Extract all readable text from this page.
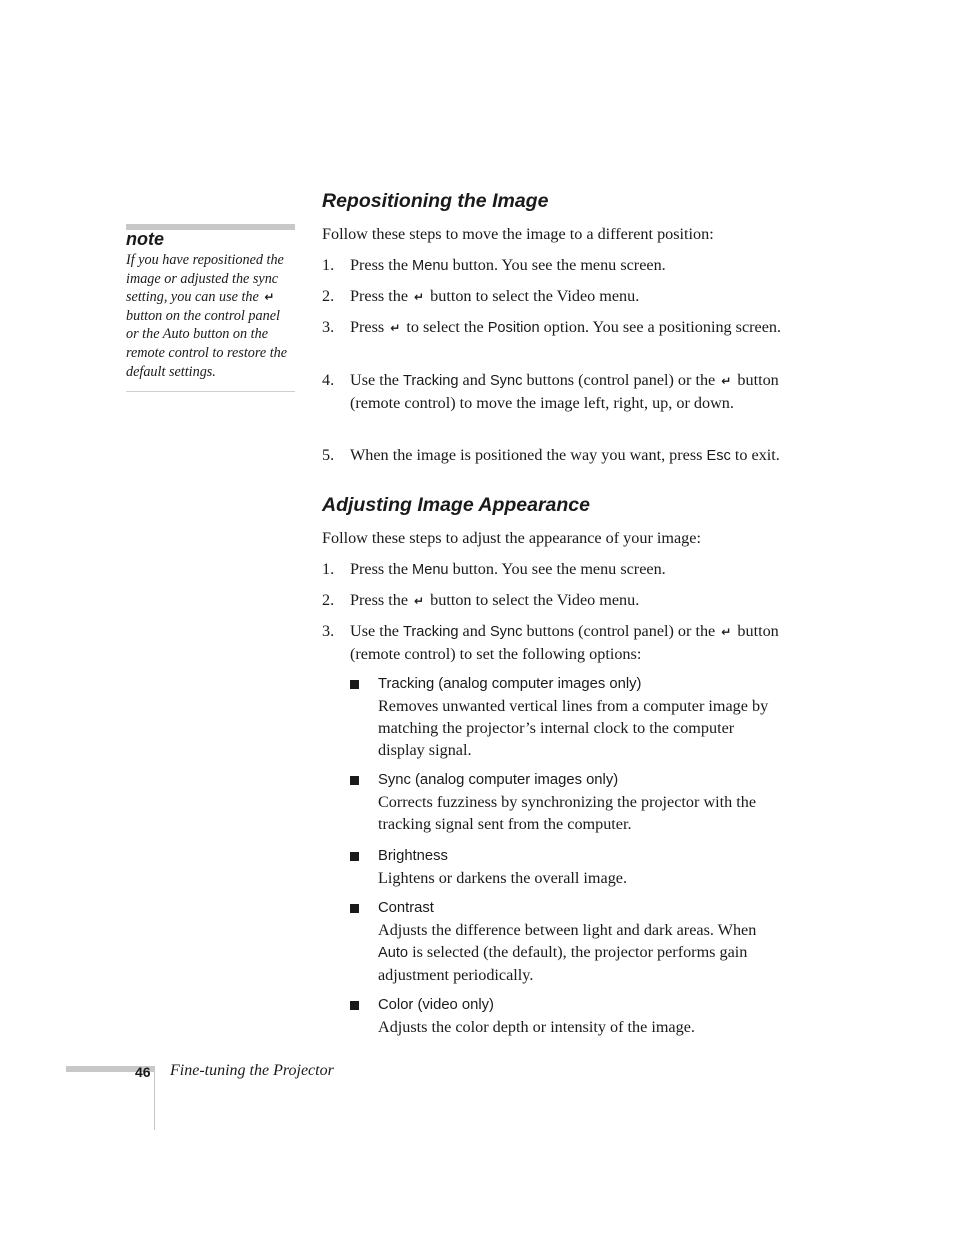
note
If you have repositioned the image or adjusted the sync setting, you can use the ↵
button on the control panel or the Auto button on the remote control to restore the default settings.
Repositioning the Image
Follow these steps to move the image to a different position:
1. Press the Menu button. You see the menu screen.
2. Press the ↵ button to select the Video menu.
3. Press ↵ to select the Position option. You see a positioning screen.
4. Use the Tracking and Sync buttons (control panel) or the ↵ button (remote control) to move the image left, right, up, or down.
5. When the image is positioned the way you want, press Esc to exit.
Adjusting Image Appearance
Follow these steps to adjust the appearance of your image:
1. Press the Menu button. You see the menu screen.
2. Press the ↵ button to select the Video menu.
3. Use the Tracking and Sync buttons (control panel) or the ↵ button (remote control) to set the following options:
Tracking (analog computer images only)
Removes unwanted vertical lines from a computer image by matching the projector’s internal clock to the computer display signal.
Sync (analog computer images only)
Corrects fuzziness by synchronizing the projector with the tracking signal sent from the computer.
Brightness
Lightens or darkens the overall image.
Contrast
Adjusts the difference between light and dark areas. When Auto is selected (the default), the projector performs gain adjustment periodically.
Color (video only)
Adjusts the color depth or intensity of the image.
46 Fine-tuning the Projector
